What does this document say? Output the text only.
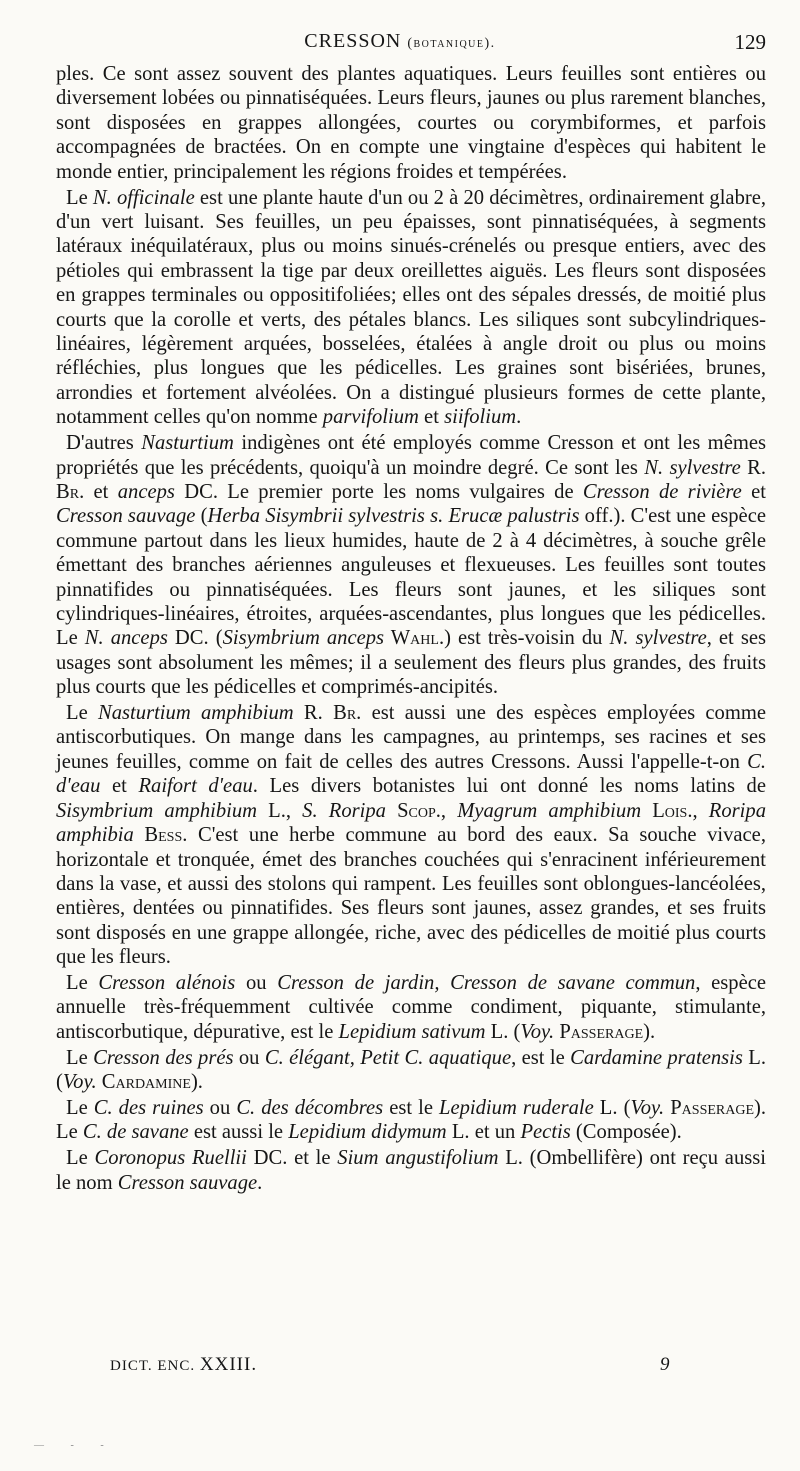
CRESSON (botanique).	129

ples. Ce sont assez souvent des plantes aquatiques. Leurs feuilles sont entières ou diversement lobées ou pinnatiséquées. Leurs fleurs, jaunes ou plus rarement blanches, sont disposées en grappes allongées, courtes ou corymbiformes, et parfois accompagnées de bractées. On en compte une vingtaine d'espèces qui habitent le monde entier, principalement les régions froides et tempérées.

Le N. officinale est une plante haute d'un ou 2 à 20 décimètres, ordinairement glabre, d'un vert luisant. Ses feuilles, un peu épaisses, sont pinnatiséquées, à segments latéraux inéquilatéraux, plus ou moins sinués-crénelés ou presque entiers, avec des pétioles qui embrassent la tige par deux oreillettes aiguës. Les fleurs sont disposées en grappes terminales ou oppositifoliées; elles ont des sépales dressés, de moitié plus courts que la corolle et verts, des pétales blancs. Les siliques sont subcylindriques-linéaires, légèrement arquées, bosselées, étalées à angle droit ou plus ou moins réfléchies, plus longues que les pédicelles. Les graines sont bisériées, brunes, arrondies et fortement alvéolées. On a distingué plusieurs formes de cette plante, notamment celles qu'on nomme parvifolium et siifolium.

D'autres Nasturtium indigènes ont été employés comme Cresson et ont les mêmes propriétés que les précédents, quoiqu'à un moindre degré. Ce sont les N. sylvestre R. Br. et anceps DC. Le premier porte les noms vulgaires de Cresson de rivière et Cresson sauvage (Herba Sisymbrii sylvestris s. Erucæ palustris off.). C'est une espèce commune partout dans les lieux humides, haute de 2 à 4 décimètres, à souche grêle émettant des branches aériennes anguleuses et flexueuses. Les feuilles sont toutes pinnatifides ou pinnatiséquées. Les fleurs sont jaunes, et les siliques sont cylindriques-linéaires, étroites, arquées-ascendantes, plus longues que les pédicelles. Le N. anceps DC. (Sisymbrium anceps Wahl.) est très-voisin du N. sylvestre, et ses usages sont absolument les mêmes; il a seulement des fleurs plus grandes, des fruits plus courts que les pédicelles et comprimés-ancipités.

Le Nasturtium amphibium R. Br. est aussi une des espèces employées comme antiscorbutiques. On mange dans les campagnes, au printemps, ses racines et ses jeunes feuilles, comme on fait de celles des autres Cressons. Aussi l'appelle-t-on C. d'eau et Raifort d'eau. Les divers botanistes lui ont donné les noms latins de Sisymbrium amphibium L., S. Roripa Scop., Myagrum amphibium Lois., Roripa amphibia Bess. C'est une herbe commune au bord des eaux. Sa souche vivace, horizontale et tronquée, émet des branches couchées qui s'enracinent inférieurement dans la vase, et aussi des stolons qui rampent. Les feuilles sont oblongues-lancéolées, entières, dentées ou pinnatifides. Ses fleurs sont jaunes, assez grandes, et ses fruits sont disposés en une grappe allongée, riche, avec des pédicelles de moitié plus courts que les fleurs.

Le Cresson alénois ou Cresson de jardin, Cresson de savane commun, espèce annuelle très-fréquemment cultivée comme condiment, piquante, stimulante, antiscorbutique, dépurative, est le Lepidium sativum L. (Voy. Passerage).

Le Cresson des prés ou C. élégant, Petit C. aquatique, est le Cardamine pratensis L. (Voy. Cardamine).

Le C. des ruines ou C. des décombres est le Lepidium ruderale L. (Voy. Passerage). Le C. de savane est aussi le Lepidium didymum L. et un Pectis (Composée).

Le Coronopus Ruellii DC. et le Sium angustifolium L. (Ombellifère) ont reçu aussi le nom Cresson sauvage.

DICT. ENC. XXIII.	9
— - -
